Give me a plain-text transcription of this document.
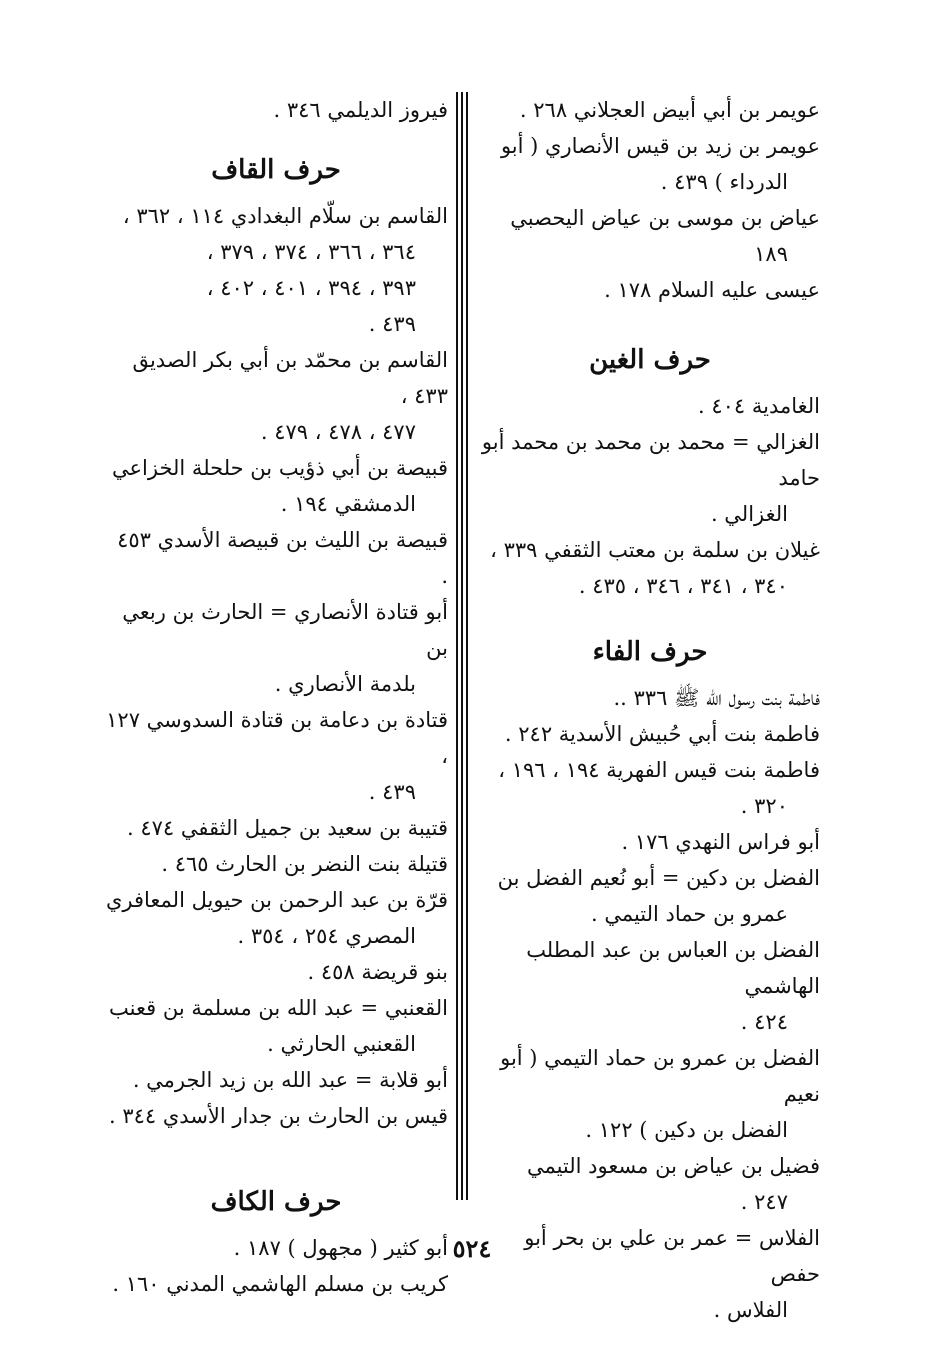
عويمر بن أبي أبيض العجلاني ٢٦٨ .

عويمر بن زيد بن قيس الأنصاري ( أبو

الدرداء ) ٤٣٩ .

عياض بن موسى بن عياض اليحصبي

١٨٩

عيسى عليه السلام ١٧٨ .

حرف الغين

الغامدية ٤٠٤ .

الغزالي = محمد بن محمد بن محمد أبو حامد

الغزالي .

غيلان بن سلمة بن معتب الثقفي ٣٣٩ ،

٣٤٠ ، ٣٤١ ، ٣٤٦ ، ٤٣٥ .

حرف الفاء

فاطمة بنت رسول الله ﷺ ٣٣٦ ..

فاطمة بنت أبي حُبيش الأسدية ٢٤٢ .

فاطمة بنت قيس الفهرية ١٩٤ ، ١٩٦ ،

٣٢٠ .

أبو فراس النهدي ١٧٦ .

الفضل بن دكين = أبو نُعيم الفضل بن

عمرو بن حماد التيمي .

الفضل بن العباس بن عبد المطلب الهاشمي

٤٢٤ .

الفضل بن عمرو بن حماد التيمي ( أبو نعيم

الفضل بن دكين ) ١٢٢ .

فضيل بن عياض بن مسعود التيمي

٢٤٧ .

الفلاس = عمر بن علي بن بحر أبو حفص

الفلاس .

فيروز الديلمي ٣٤٦ .

حرف القاف

القاسم بن سلّام البغدادي ١١٤ ، ٣٦٢ ،

٣٦٤ ، ٣٦٦ ، ٣٧٤ ، ٣٧٩ ،
٣٩٣ ، ٣٩٤ ، ٤٠١ ، ٤٠٢ ،
٤٣٩ .

القاسم بن محمّد بن أبي بكر الصديق ٤٣٣ ،

٤٧٧ ، ٤٧٨ ، ٤٧٩ .

قبيصة بن أبي ذؤيب بن حلحلة الخزاعي

الدمشقي ١٩٤ .

قبيصة بن الليث بن قبيصة الأسدي ٤٥٣ .

أبو قتادة الأنصاري = الحارث بن ربعي بن

بلدمة الأنصاري .

قتادة بن دعامة بن قتادة السدوسي ١٢٧ ،

٤٣٩ .

قتيبة بن سعيد بن جميل الثقفي ٤٧٤ .

قتيلة بنت النضر بن الحارث ٤٦٥ .

قرّة بن عبد الرحمن بن حيويل المعافري

المصري ٢٥٤ ، ٣٥٤ .

بنو قريضة ٤٥٨ .

القعنبي = عبد الله بن مسلمة بن قعنب

القعنبي الحارثي .

أبو قلابة = عبد الله بن زيد الجرمي .

قيس بن الحارث بن جدار الأسدي ٣٤٤ .

حرف الكاف

أبو كثير ( مجهول ) ١٨٧ .

كريب بن مسلم الهاشمي المدني ١٦٠ .

٥٢٤
